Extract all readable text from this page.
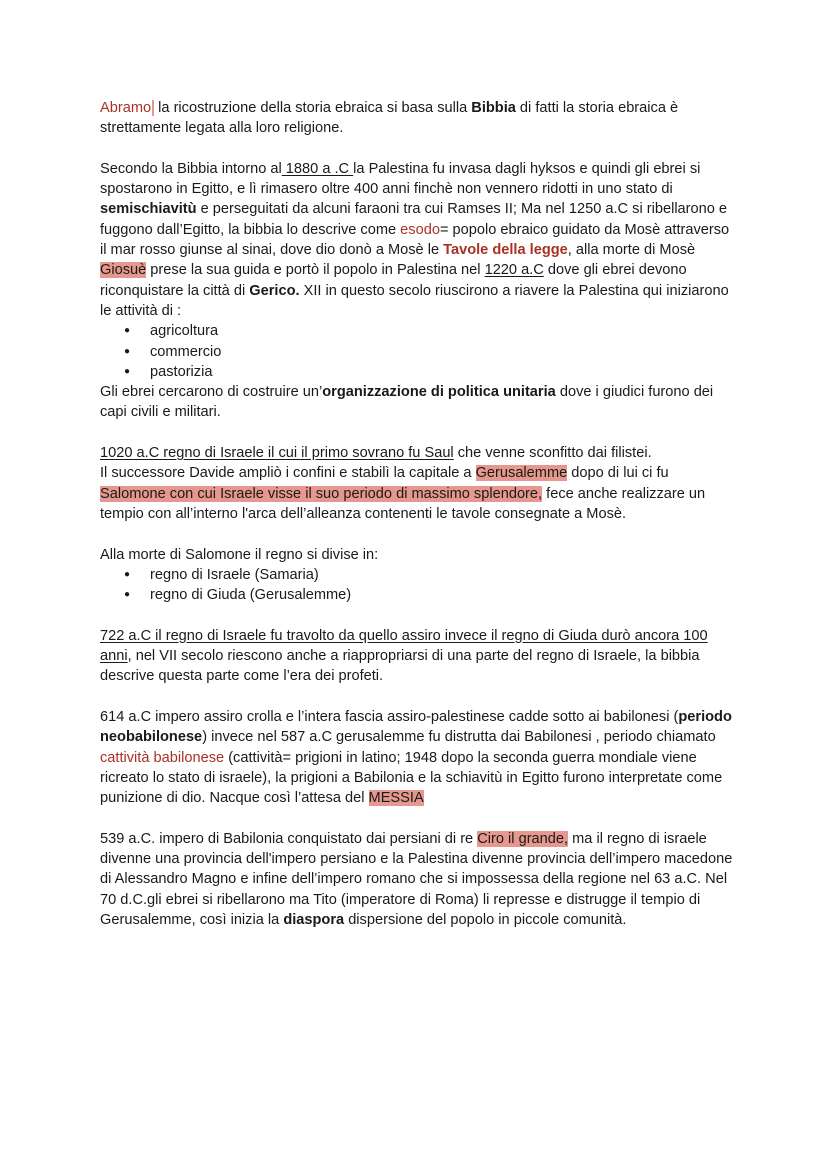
Abramo la ricostruzione della storia ebraica si basa sulla Bibbia di fatti la storia ebraica è strettamente legata alla loro religione.

Secondo la Bibbia intorno al 1880 a .C la Palestina fu invasa dagli hyksos e quindi gli ebrei si spostarono in Egitto, e lì rimasero oltre 400 anni finchè non vennero ridotti in uno stato di semischiavitù e perseguitati da alcuni faraoni tra cui Ramses II; Ma nel 1250 a.C si ribellarono e fuggono dall’Egitto, la bibbia lo descrive come esodo= popolo ebraico guidato da Mosè attraverso il mar rosso giunse al sinai, dove dio donò a Mosè le Tavole della legge, alla morte di Mosè Giosuè prese la sua guida e portò il popolo in Palestina nel 1220 a.C dove gli ebrei devono riconquistare la città di Gerico. XII in questo secolo riuscirono a riavere la Palestina qui iniziarono le attività di :

● agricoltura
● commercio
● pastorizia

Gli ebrei cercarono di costruire un’organizzazione di politica unitaria dove i giudici furono dei capi civili e militari.

1020 a.C regno di Israele il cui il primo sovrano fu Saul che venne sconfitto dai filistei.
Il successore Davide ampliò i confini e stabilì la capitale a Gerusalemme dopo di lui ci fu
Salomone con cui Israele visse il suo periodo di massimo splendore, fece anche realizzare un tempio con all’interno l'arca dell’alleanza contenenti le tavole consegnate a Mosè.

Alla morte di Salomone il regno si divise in:

● regno di Israele (Samaria)
● regno di Giuda (Gerusalemme)

722 a.C il regno di Israele fu travolto da quello assiro invece il regno di Giuda durò ancora 100 anni, nel VII secolo riescono anche a riappropriarsi di una parte del regno di Israele, la bibbia descrive questa parte come l’era dei profeti.

614 a.C impero assiro crolla e l’intera fascia assiro-palestinese cadde sotto ai babilonesi (periodo neobabilonese) invece nel 587 a.C gerusalemme fu distrutta dai Babilonesi , periodo chiamato cattività babilonese (cattività= prigioni in latino; 1948 dopo la seconda guerra mondiale viene ricreato lo stato di israele), la prigioni a Babilonia e la schiavitù in Egitto furono interpretate come punizione di dio. Nacque così l’attesa del MESSIA

539 a.C. impero di Babilonia conquistato dai persiani di re Ciro il grande, ma il regno di israele divenne una provincia dell'impero persiano e la Palestina divenne provincia dell’impero macedone di Alessandro Magno e infine dell’impero romano che si impossessa della regione nel 63 a.C. Nel 70 d.C.gli ebrei si ribellarono ma Tito (imperatore di Roma) li represse e distrugge il tempio di Gerusalemme, così inizia la diaspora dispersione del popolo in piccole comunità.
